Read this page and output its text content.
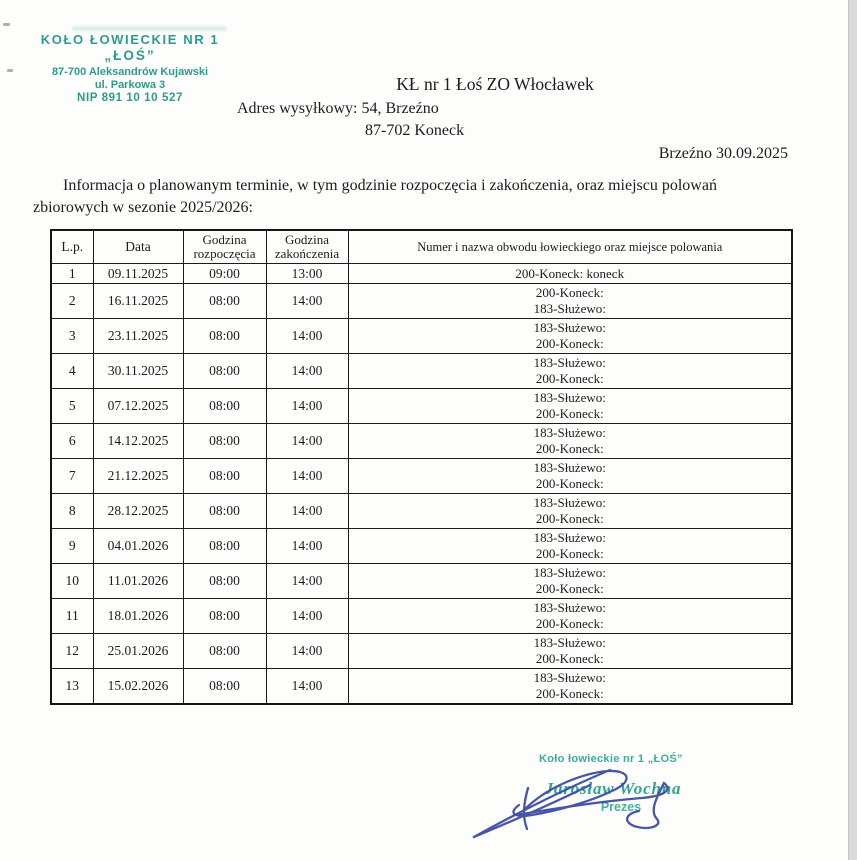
KOŁO ŁOWIECKIE NR 1
„ŁOŚ”
87-700 Aleksandrów Kujawski
ul. Parkowa 3
NIP 891 10 10 527
KŁ nr 1 Łoś ZO Włocławek
Adres wysyłkowy: 54, Brzeźno
87-702 Koneck
Brzeźno 30.09.2025
Informacja o planowanym terminie, w tym godzinie rozpoczęcia i zakończenia, oraz miejscu polowań zbiorowych w sezonie 2025/2026:
L.p.	Data	Godzina rozpoczęcia	Godzina zakończenia	Numer i nazwa obwodu łowieckiego oraz miejsce polowania
1	09.11.2025	09:00	13:00	200-Koneck: koneck

2	16.11.2025	08:00	14:00	200-Koneck:
183-Służewo:

3	23.11.2025	08:00	14:00	183-Służewo:
200-Koneck:

4	30.11.2025	08:00	14:00	183-Służewo:
200-Koneck:

5	07.12.2025	08:00	14:00	183-Służewo:
200-Koneck:

6	14.12.2025	08:00	14:00	183-Służewo:
200-Koneck:

7	21.12.2025	08:00	14:00	183-Służewo:
200-Koneck:

8	28.12.2025	08:00	14:00	183-Służewo:
200-Koneck:

9	04.01.2026	08:00	14:00	183-Służewo:
200-Koneck:

10	11.01.2026	08:00	14:00	183-Służewo:
200-Koneck:

11	18.01.2026	08:00	14:00	183-Służewo:
200-Koneck:

12	25.01.2026	08:00	14:00	183-Służewo:
200-Koneck:

13	15.02.2026	08:00	14:00	183-Służewo:
200-Koneck:
Koło łowieckie nr 1 „ŁOŚ”
Jarosław Wochna
Prezes
